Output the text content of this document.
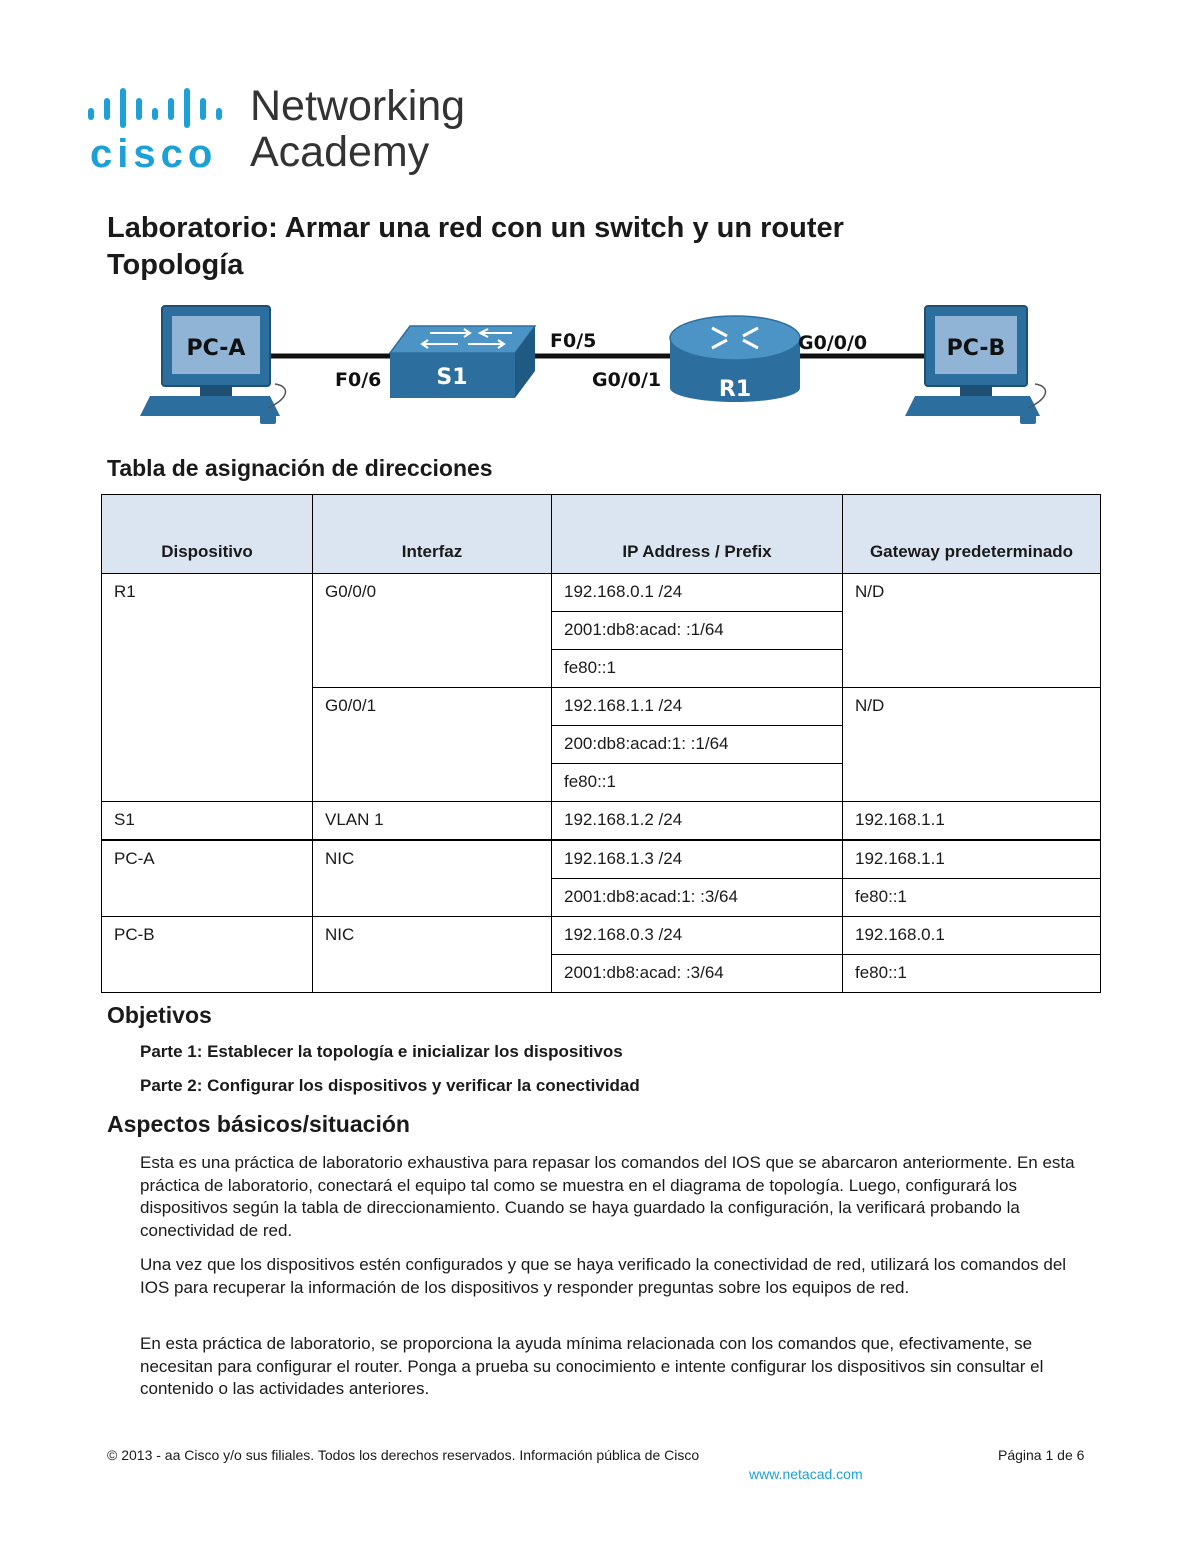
cisco
Networking
Academy
Laboratorio: Armar una red con un switch y un router
Topología
PC-A
S1
F0/6
F0/5
R1
G0/0/1
G0/0/0	PC-B
Tabla de asignación de direcciones
Dispositivo	Interfaz	IP Address / Prefix	Gateway predeterminado
R1	G0/0/0	192.168.0.1 /24	N/D
		2001:db8:acad: :1/64	
		fe80::1	
	G0/0/1	192.168.1.1 /24	N/D
		200:db8:acad:1: :1/64	
		fe80::1	
S1	VLAN 1	192.168.1.2 /24	192.168.1.1
PC-A	NIC	192.168.1.3 /24	192.168.1.1
		2001:db8:acad:1: :3/64	fe80::1
PC-B	NIC	192.168.0.3 /24	192.168.0.1
		2001:db8:acad: :3/64	fe80::1
Objetivos
Parte 1: Establecer la topología e inicializar los dispositivos
Parte 2: Configurar los dispositivos y verificar la conectividad
Aspectos básicos/situación

Esta es una práctica de laboratorio exhaustiva para repasar los comandos del IOS que se abarcaron anteriormente. En esta práctica de laboratorio, conectará el equipo tal como se muestra en el diagrama de topología. Luego, configurará los dispositivos según la tabla de direccionamiento. Cuando se haya guardado la configuración, la verificará probando la conectividad de red.

Una vez que los dispositivos estén configurados y que se haya verificado la conectividad de red, utilizará los comandos del IOS para recuperar la información de los dispositivos y responder preguntas sobre los equipos de red.

En esta práctica de laboratorio, se proporciona la ayuda mínima relacionada con los comandos que, efectivamente, se necesitan para configurar el router. Ponga a prueba su conocimiento e intente configurar los dispositivos sin consultar el contenido o las actividades anteriores.

© 2013 - aa Cisco y/o sus filiales. Todos los derechos reservados. Información pública de Cisco	Página 1 de 6
www.netacad.com
